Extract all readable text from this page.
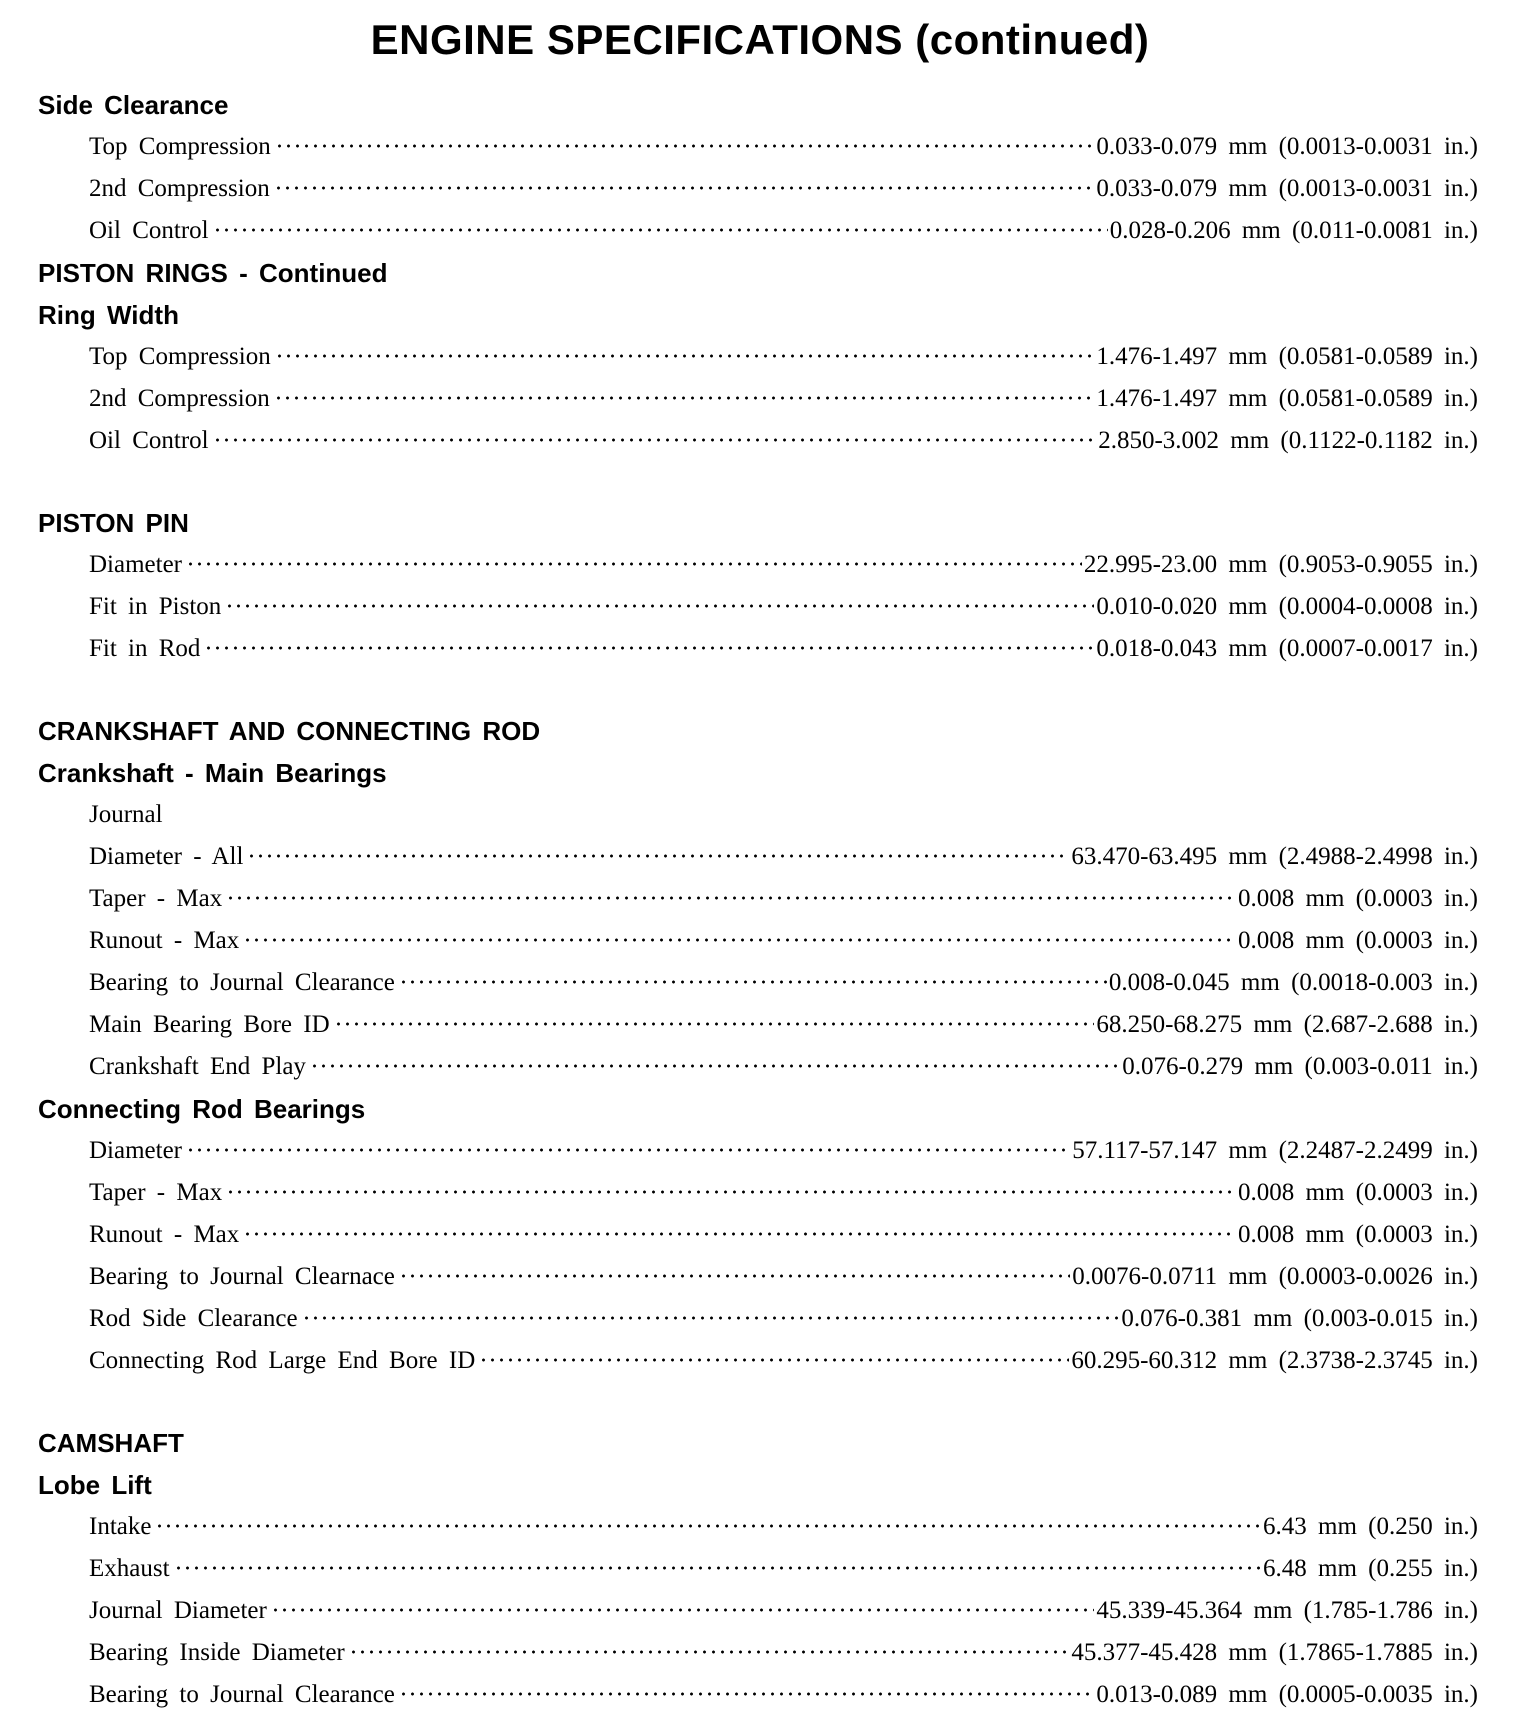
ENGINE SPECIFICATIONS (continued)
Side Clearance
Top Compression	0.033-0.079 mm (0.0013-0.0031 in.)
2nd Compression	0.033-0.079 mm (0.0013-0.0031 in.)
Oil Control	0.028-0.206 mm (0.011-0.0081 in.)
PISTON RINGS - Continued
Ring Width
Top Compression	1.476-1.497 mm (0.0581-0.0589 in.)
2nd Compression	1.476-1.497 mm (0.0581-0.0589 in.)
Oil Control	2.850-3.002 mm (0.1122-0.1182 in.)
PISTON PIN
Diameter	22.995-23.00 mm (0.9053-0.9055 in.)
Fit in Piston	0.010-0.020 mm (0.0004-0.0008 in.)
Fit in Rod	0.018-0.043 mm (0.0007-0.0017 in.)
CRANKSHAFT AND CONNECTING ROD
Crankshaft - Main Bearings
Journal
Diameter - All	63.470-63.495 mm (2.4988-2.4998 in.)
Taper - Max	0.008 mm (0.0003 in.)
Runout - Max	0.008 mm (0.0003 in.)
Bearing to Journal Clearance	0.008-0.045 mm (0.0018-0.003 in.)
Main Bearing Bore ID	68.250-68.275 mm (2.687-2.688 in.)
Crankshaft End Play	0.076-0.279 mm (0.003-0.011 in.)
Connecting Rod Bearings
Diameter	57.117-57.147 mm (2.2487-2.2499 in.)
Taper - Max	0.008 mm (0.0003 in.)
Runout - Max	0.008 mm (0.0003 in.)
Bearing to Journal Clearnace	0.0076-0.0711 mm (0.0003-0.0026 in.)
Rod Side Clearance	0.076-0.381 mm (0.003-0.015 in.)
Connecting Rod Large End Bore ID	60.295-60.312 mm (2.3738-2.3745 in.)
CAMSHAFT
Lobe Lift
Intake	6.43 mm (0.250 in.)
Exhaust	6.48 mm (0.255 in.)
Journal Diameter	45.339-45.364 mm (1.785-1.786 in.)
Bearing Inside Diameter	45.377-45.428 mm (1.7865-1.7885 in.)
Bearing to Journal Clearance	0.013-0.089 mm (0.0005-0.0035 in.)
